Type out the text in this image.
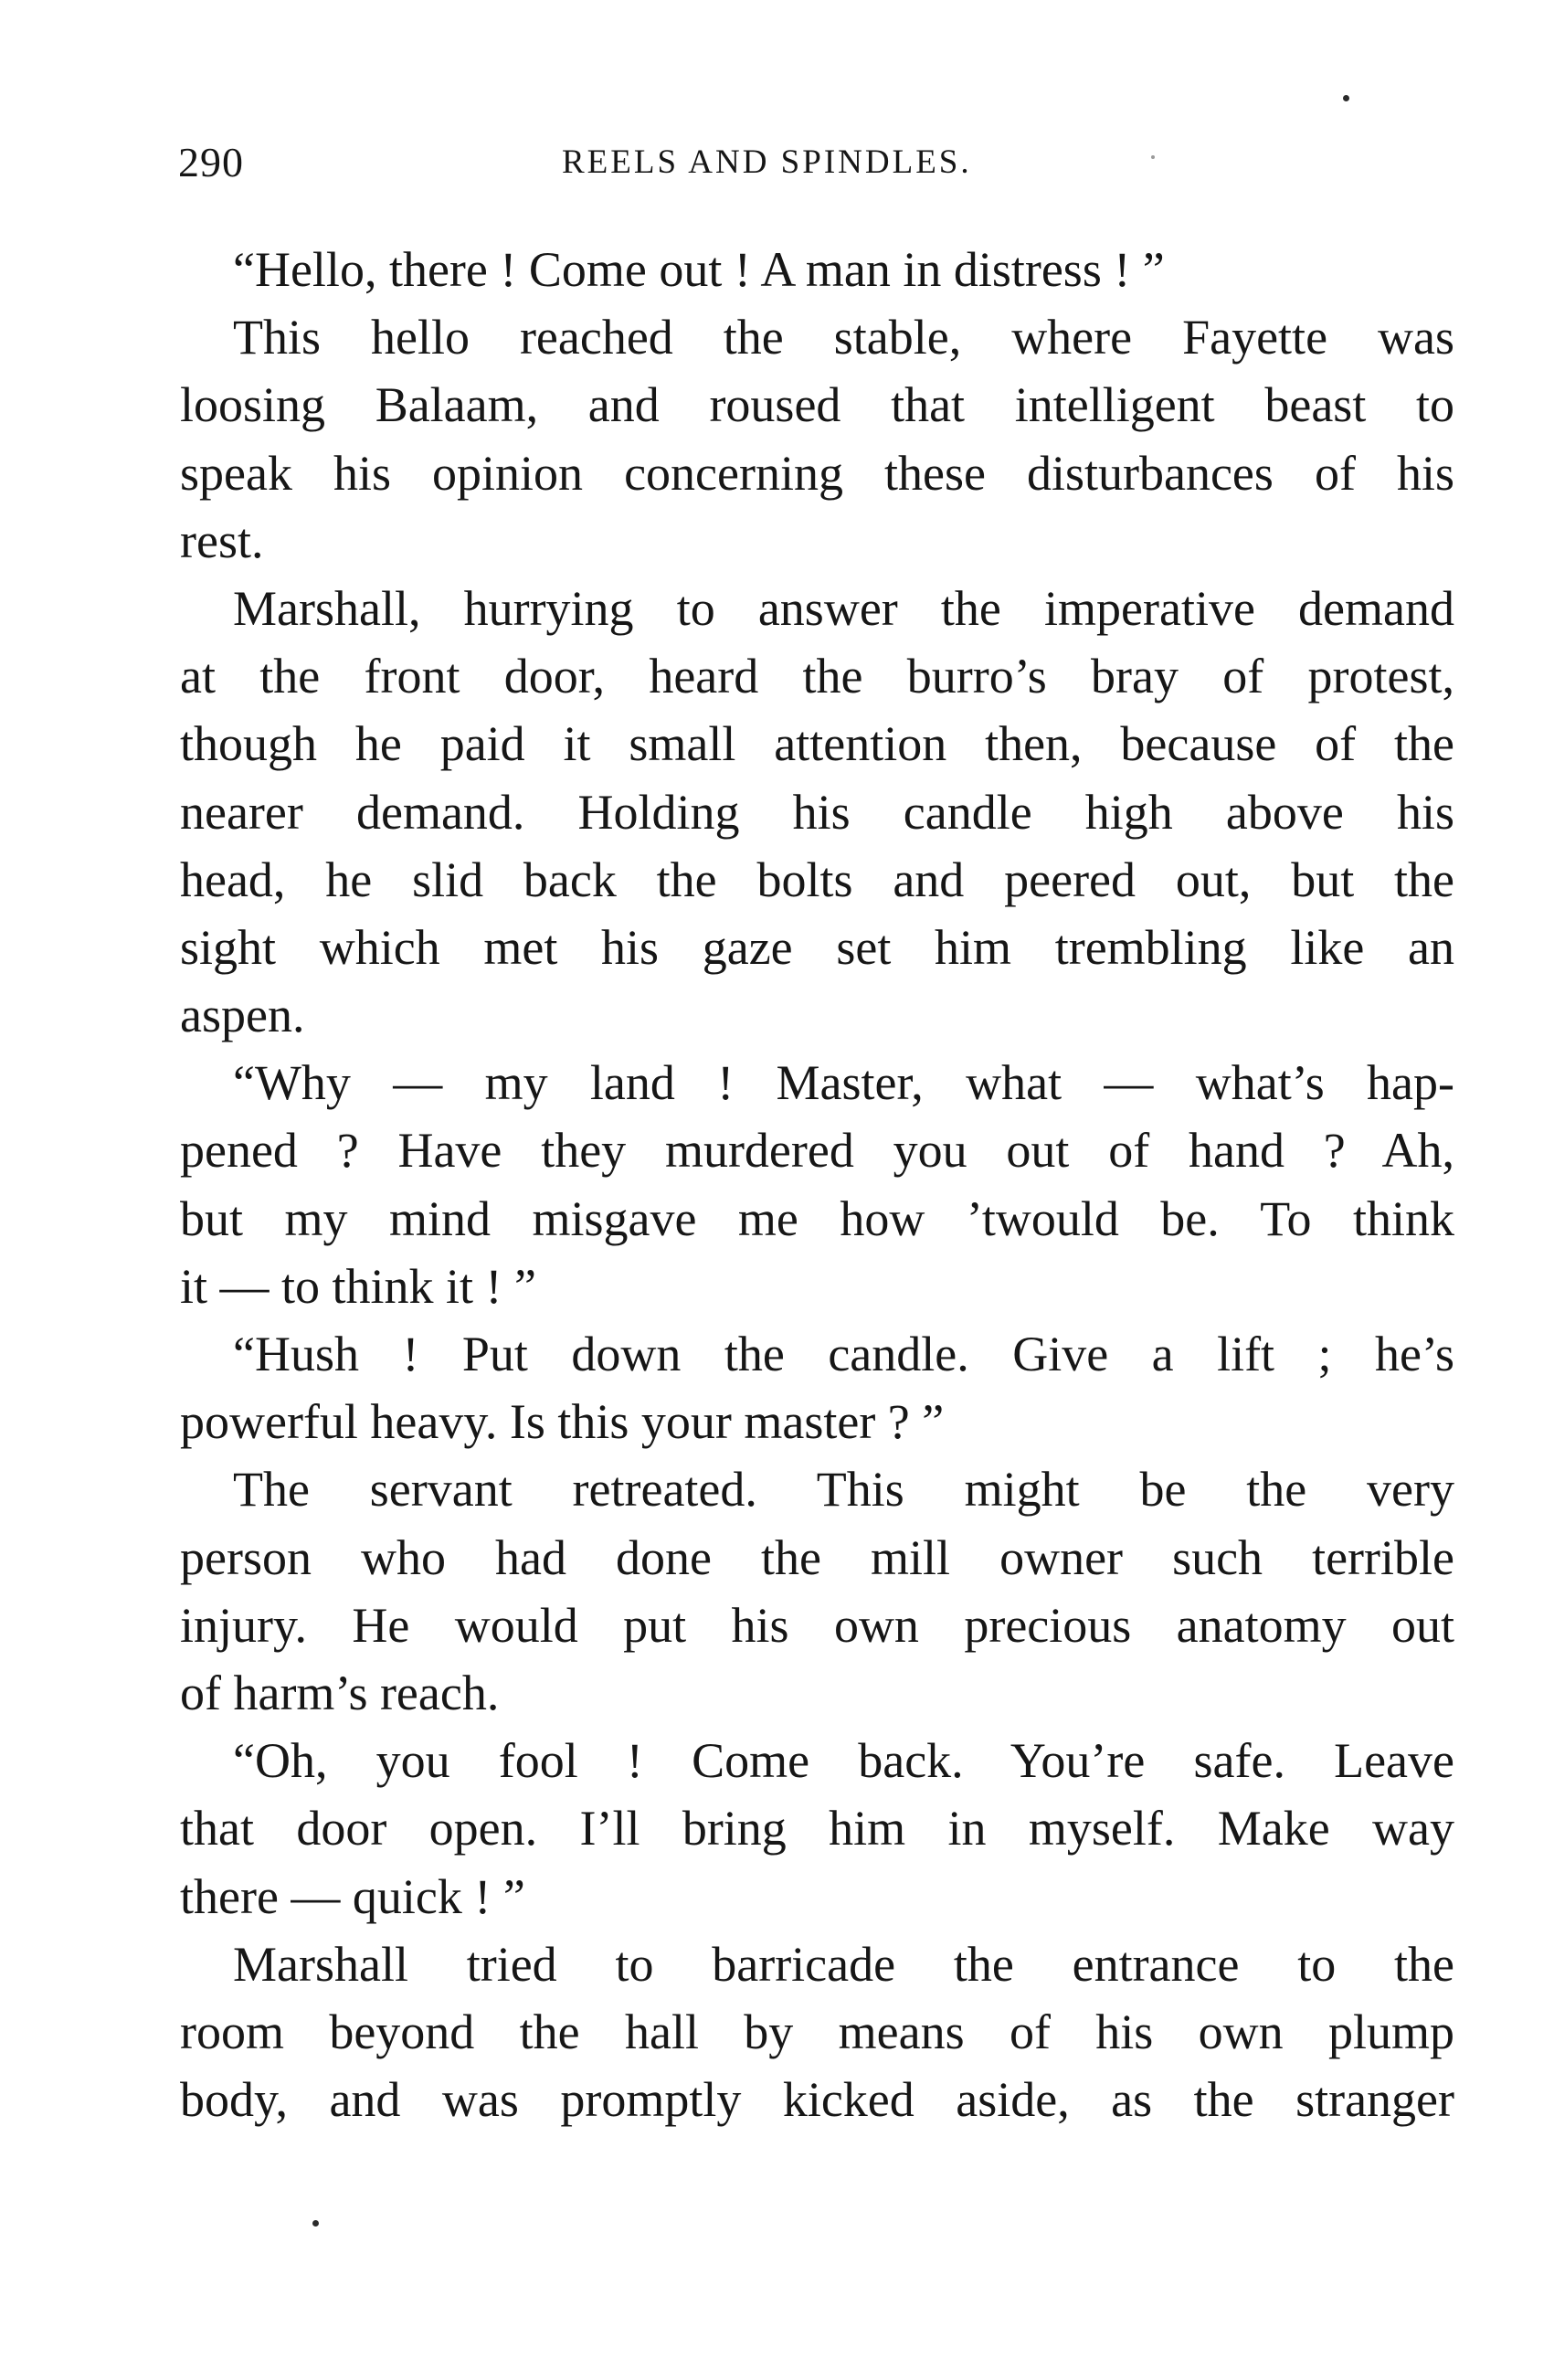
290	REELS AND SPINDLES.
“Hello, there ! Come out ! A man in distress ! ”
This hello reached the stable, where Fayette was
loosing Balaam, and roused that intelligent beast to
speak his opinion concerning these disturbances of his
rest.
Marshall, hurrying to answer the imperative demand
at the front door, heard the burro’s bray of protest,
though he paid it small attention then, because of the
nearer demand. Holding his candle high above his
head, he slid back the bolts and peered out, but the
sight which met his gaze set him trembling like an
aspen.
“Why — my land ! Master, what — what’s hap-
pened ? Have they murdered you out of hand ? Ah,
but my mind misgave me how ’twould be. To think
it — to think it ! ”
“Hush ! Put down the candle. Give a lift ; he’s
powerful heavy. Is this your master ? ”
The servant retreated. This might be the very
person who had done the mill owner such terrible
injury. He would put his own precious anatomy out
of harm’s reach.
“Oh, you fool ! Come back. You’re safe. Leave
that door open. I’ll bring him in myself. Make way
there — quick ! ”
Marshall tried to barricade the entrance to the
room beyond the hall by means of his own plump
body, and was promptly kicked aside, as the stranger
